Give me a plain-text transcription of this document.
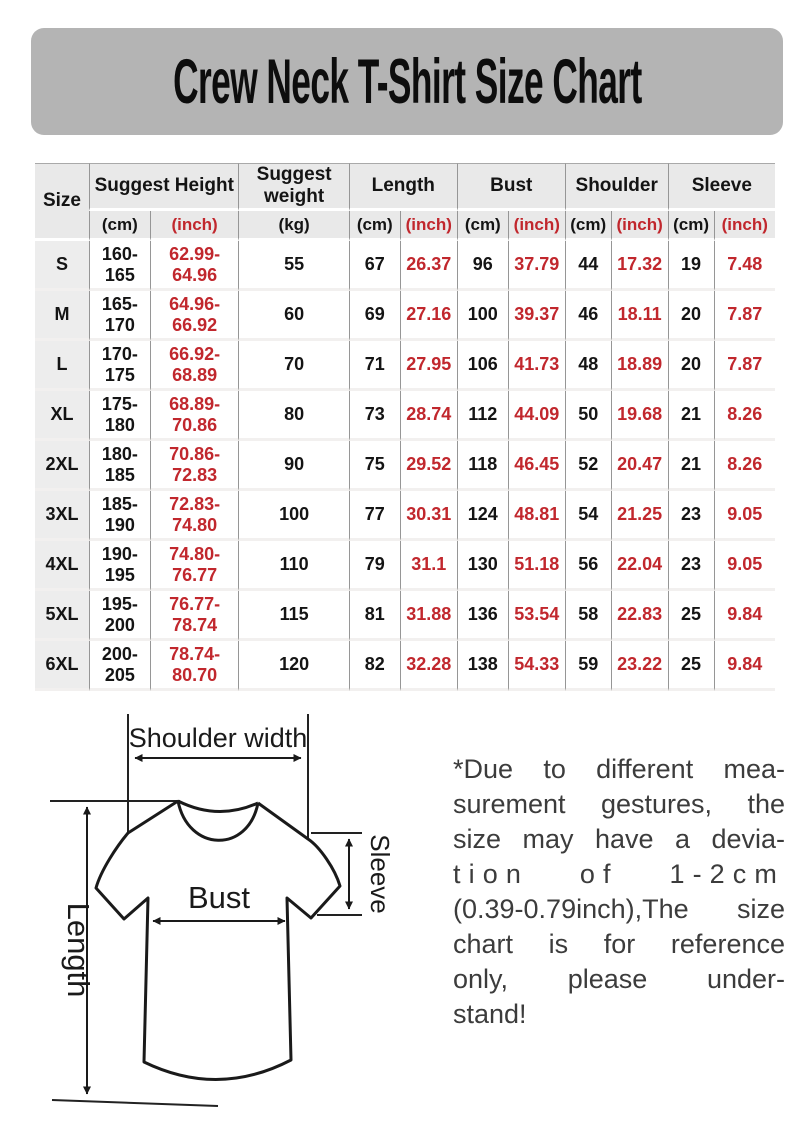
Crew Neck T-Shirt Size Chart
Size	Suggest Height		Suggest weight	Length		Bust		Shoulder		Sleeve	
	(cm)	(inch)	(kg)	(cm)	(inch)	(cm)	(inch)	(cm)	(inch)	(cm)	(inch)
S	160-165	62.99-64.96	55	67	26.37	96	37.79	44	17.32	19	7.48
M	165-170	64.96-66.92	60	69	27.16	100	39.37	46	18.11	20	7.87
L	170-175	66.92-68.89	70	71	27.95	106	41.73	48	18.89	20	7.87
XL	175-180	68.89-70.86	80	73	28.74	112	44.09	50	19.68	21	8.26
2XL	180-185	70.86-72.83	90	75	29.52	118	46.45	52	20.47	21	8.26
3XL	185-190	72.83-74.80	100	77	30.31	124	48.81	54	21.25	23	9.05
4XL	190-195	74.80-76.77	110	79	31.1	130	51.18	56	22.04	23	9.05
5XL	195-200	76.77-78.74	115	81	31.88	136	53.54	58	22.83	25	9.84
6XL	200-205	78.74-80.70	120	82	32.28	138	54.33	59	23.22	25	9.84
Shoulder width
Bust
Length
Sleeve
*Due to different mea-
surement gestures, the
size may have a devia-
tion of 1-2cm
(0.39-0.79inch),The size
chart is for reference
only, please under-
stand!
